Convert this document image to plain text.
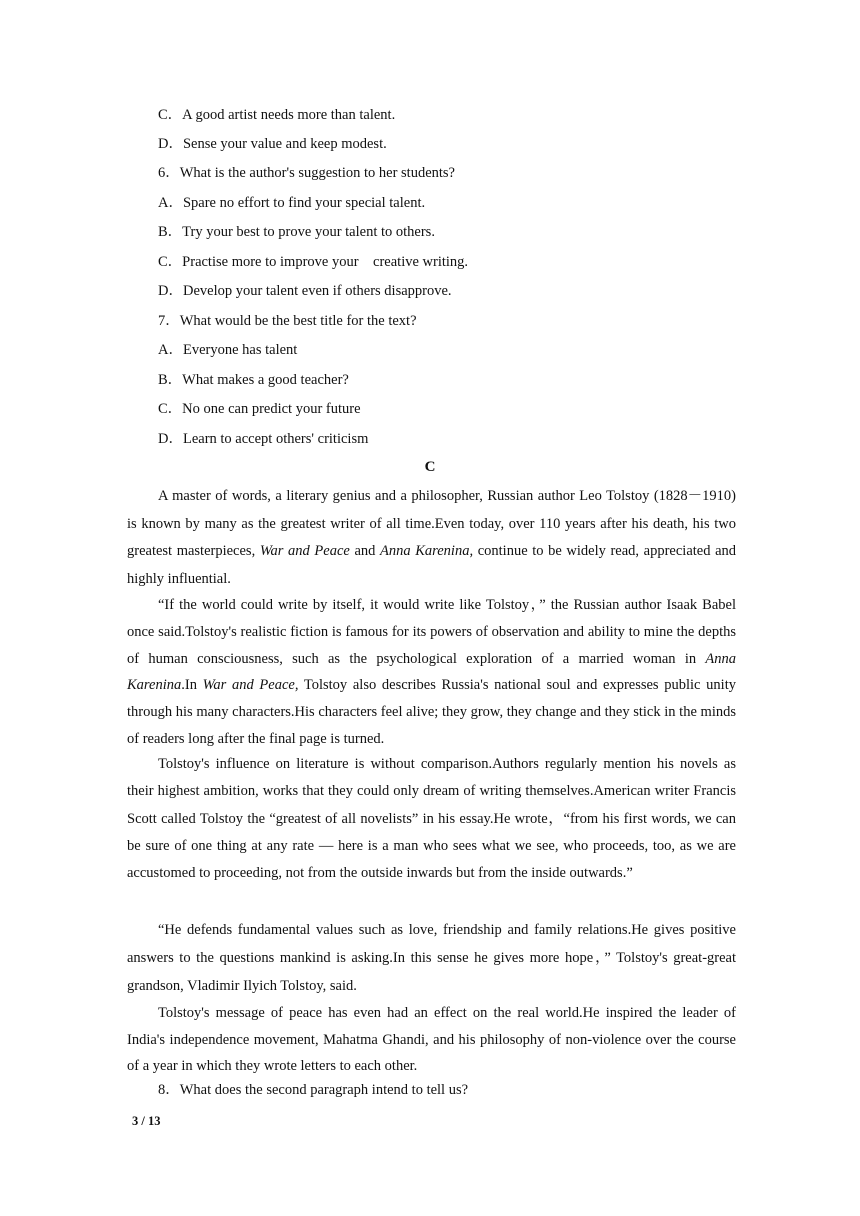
C．A good artist needs more than talent.
D．Sense your value and keep modest.
6．What is the author's suggestion to her students?
A．Spare no effort to find your special talent.
B．Try your best to prove your talent to others.
C．Practise more to improve your    creative writing.
D．Develop your talent even if others disapprove.
7．What would be the best title for the text?
A．Everyone has talent
B．What makes a good teacher?
C．No one can predict your future
D．Learn to accept others' criticism
C

A master of words, a literary genius and a philosopher, Russian author Leo Tolstoy (1828－1910) is known by many as the greatest writer of all time.Even today, over 110 years after his death, his two greatest masterpieces, War and Peace and Anna Karenina, continue to be widely read, appreciated and highly influential.

“If the world could write by itself, it would write like Tolstoy，” the Russian author Isaak Babel once said.Tolstoy's realistic fiction is famous for its powers of observation and ability to mine the depths of human consciousness, such as the psychological exploration of a married woman in Anna Karenina.In War and Peace, Tolstoy also describes Russia's national soul and expresses public unity through his many characters.His characters feel alive; they grow, they change and they stick in the minds of readers long after the final page is turned.

Tolstoy's influence on literature is without comparison.Authors regularly mention his novels as their highest ambition, works that they could only dream of writing themselves.American writer Francis Scott called Tolstoy the “greatest of all novelists” in his essay.He wrote，“from his first words, we can be sure of one thing at any rate — here is a man who sees what we see, who proceeds, too, as we are accustomed to proceeding, not from the outside inwards but from the inside outwards.”

“He defends fundamental values such as love, friendship and family relations.He gives positive answers to the questions mankind is asking.In this sense he gives more hope，” Tolstoy's great-great grandson, Vladimir Ilyich Tolstoy, said.

Tolstoy's message of peace has even had an effect on the real world.He inspired the leader of India's independence movement, Mahatma Ghandi, and his philosophy of non-violence over the course of a year in which they wrote letters to each other.

8．What does the second paragraph intend to tell us?
3 / 13
